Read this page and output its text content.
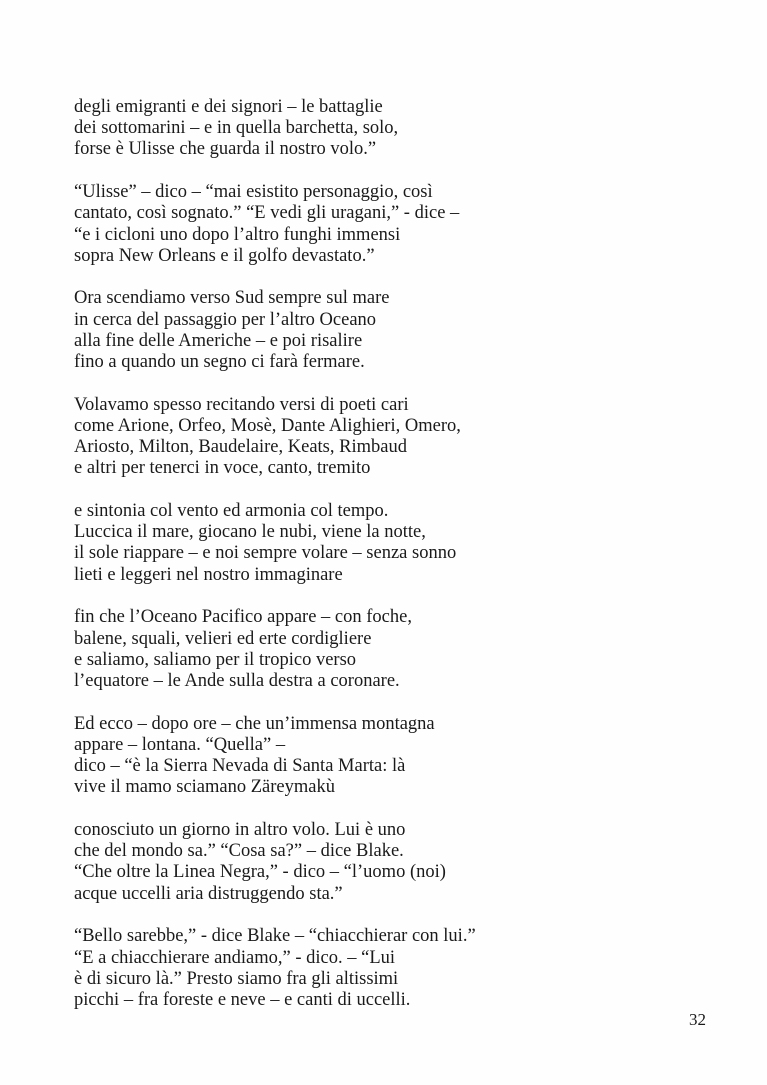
degli emigranti e dei signori – le battaglie
dei sottomarini – e in quella barchetta, solo,
forse è Ulisse che guarda il nostro volo.”
“Ulisse” – dico – “mai esistito personaggio, così
cantato, così sognato.” “E vedi gli uragani,” - dice –
“e i cicloni uno dopo l’altro funghi immensi
sopra New Orleans e il golfo devastato.”
Ora scendiamo verso Sud sempre sul mare
in cerca del passaggio per l’altro Oceano
alla fine delle Americhe – e poi risalire
fino a quando un segno ci farà fermare.
Volavamo spesso recitando versi di poeti cari
come Arione, Orfeo, Mosè, Dante Alighieri, Omero,
Ariosto, Milton, Baudelaire, Keats, Rimbaud
e altri per tenerci in voce, canto, tremito
e sintonia col vento ed armonia col tempo.
Luccica il mare, giocano le nubi, viene la notte,
il sole riappare – e noi sempre volare – senza sonno
lieti e leggeri nel nostro immaginare
fin che l’Oceano Pacifico appare – con foche,
balene, squali, velieri ed erte cordigliere
e saliamo, saliamo per il tropico verso
l’equatore – le Ande sulla destra a coronare.
Ed ecco – dopo ore – che un’immensa montagna
appare – lontana. “Quella” –
dico – “è la Sierra Nevada di Santa Marta: là
vive il mamo sciamano Zäreymakù
conosciuto un giorno in altro volo. Lui è uno
che del mondo sa.” “Cosa sa?” – dice Blake.
“Che oltre la Linea Negra,” - dico – “l’uomo (noi)
acque uccelli aria distruggendo sta.”
“Bello sarebbe,” - dice Blake – “chiacchierar con lui.”
“E a chiacchierare andiamo,” - dico. – “Lui
è di sicuro là.” Presto siamo fra gli altissimi
picchi – fra foreste e neve – e canti di uccelli.
32
